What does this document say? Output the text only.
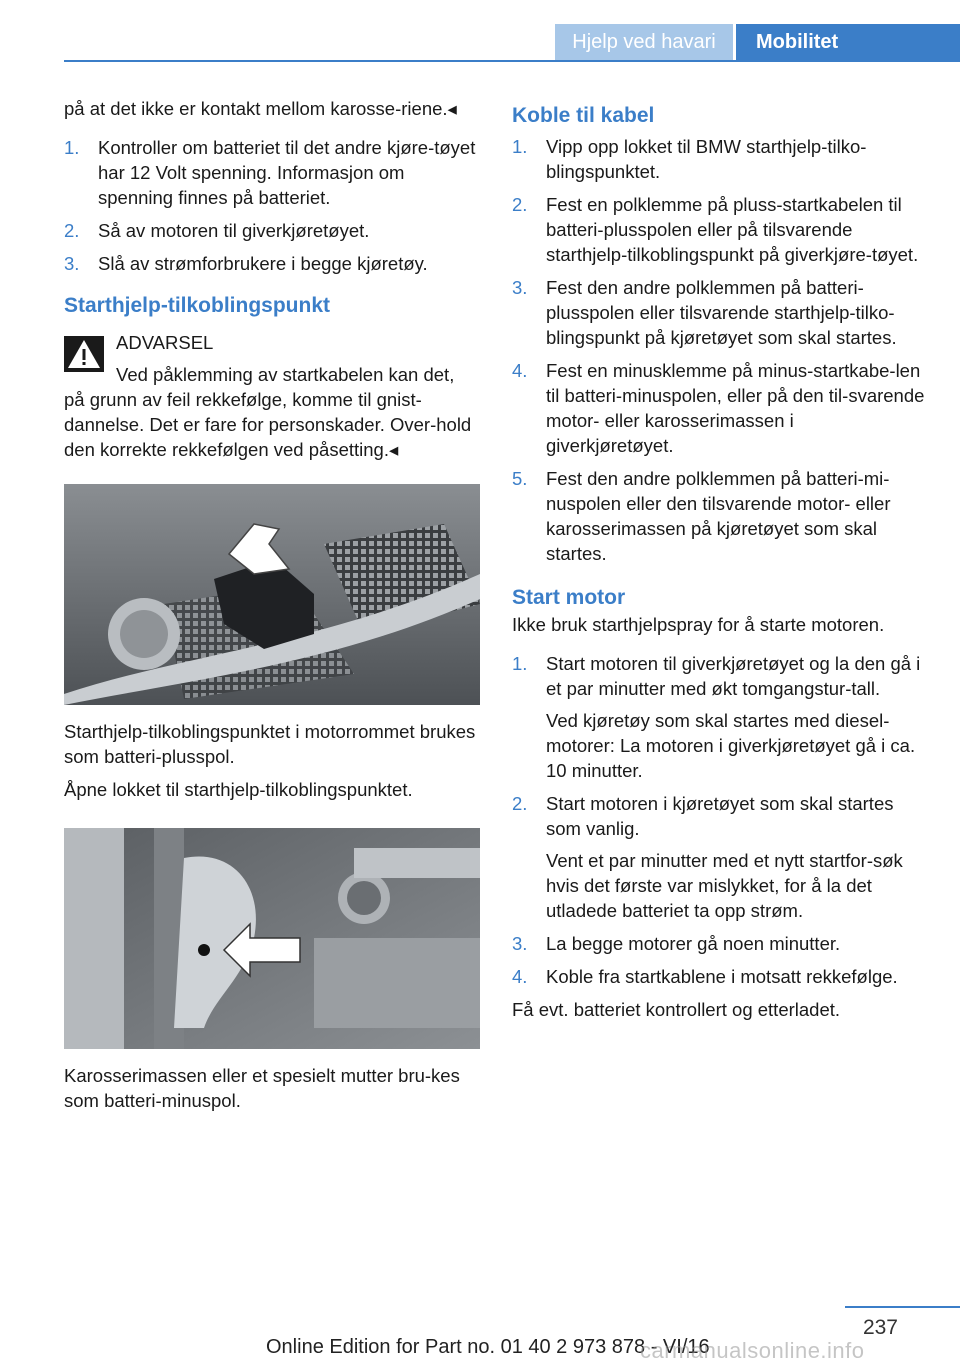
Hjelp ved havari	Mobilitet

på at det ikke er kontakt mellom karosse-riene.◂

1. Kontroller om batteriet til det andre kjøre-tøyet har 12 Volt spenning. Informasjon om spenning finnes på batteriet.
2. Så av motoren til giverkjøretøyet.
3. Slå av strømforbrukere i begge kjøretøy.
Starthjelp-tilkoblingspunkt
ADVARSEL
Ved påklemming av startkabelen kan det,
på grunn av feil rekkefølge, komme til gnist-dannelse. Det er fare for personskader. Over-hold den korrekte rekkefølgen ved påsetting.◂

Starthjelp-tilkoblingspunktet i motorrommet brukes som batteri-plusspol.

Åpne lokket til starthjelp-tilkoblingspunktet.

Karosserimassen eller et spesielt mutter bru-kes som batteri-minuspol.

Koble til kabel
1. Vipp opp lokket til BMW starthjelp-tilko-blingspunktet.
2. Fest en polklemme på pluss-startkabelen til batteri-plusspolen eller på tilsvarende starthjelp-tilkoblingspunkt på giverkjøre-tøyet.
3. Fest den andre polklemmen på batteri-plusspolen eller tilsvarende starthjelp-tilko-blingspunkt på kjøretøyet som skal startes.
4. Fest en minusklemme på minus-startkabe-len til batteri-minuspolen, eller på den til-svarende motor- eller karosserimassen i giverkjøretøyet.
5. Fest den andre polklemmen på batteri-mi-nuspolen eller den tilsvarende motor- eller karosserimassen på kjøretøyet som skal startes.
Start motor

Ikke bruk starthjelpspray for å starte motoren.

1. Start motoren til giverkjøretøyet og la den gå i et par minutter med økt tomgangstur-tall.
Ved kjøretøy som skal startes med diesel-motorer: La motoren i giverkjøretøyet gå i ca. 10 minutter.
2. Start motoren i kjøretøyet som skal startes som vanlig.
Vent et par minutter med et nytt startfor-søk hvis det første var mislykket, for å la det utladede batteriet ta opp strøm.
3. La begge motorer gå noen minutter.
4. Koble fra startkablene i motsatt rekkefølge.

Få evt. batteriet kontrollert og etterladet.

237
Online Edition for Part no. 01 40 2 973 878 - VI/16
carmanualsonline.info
